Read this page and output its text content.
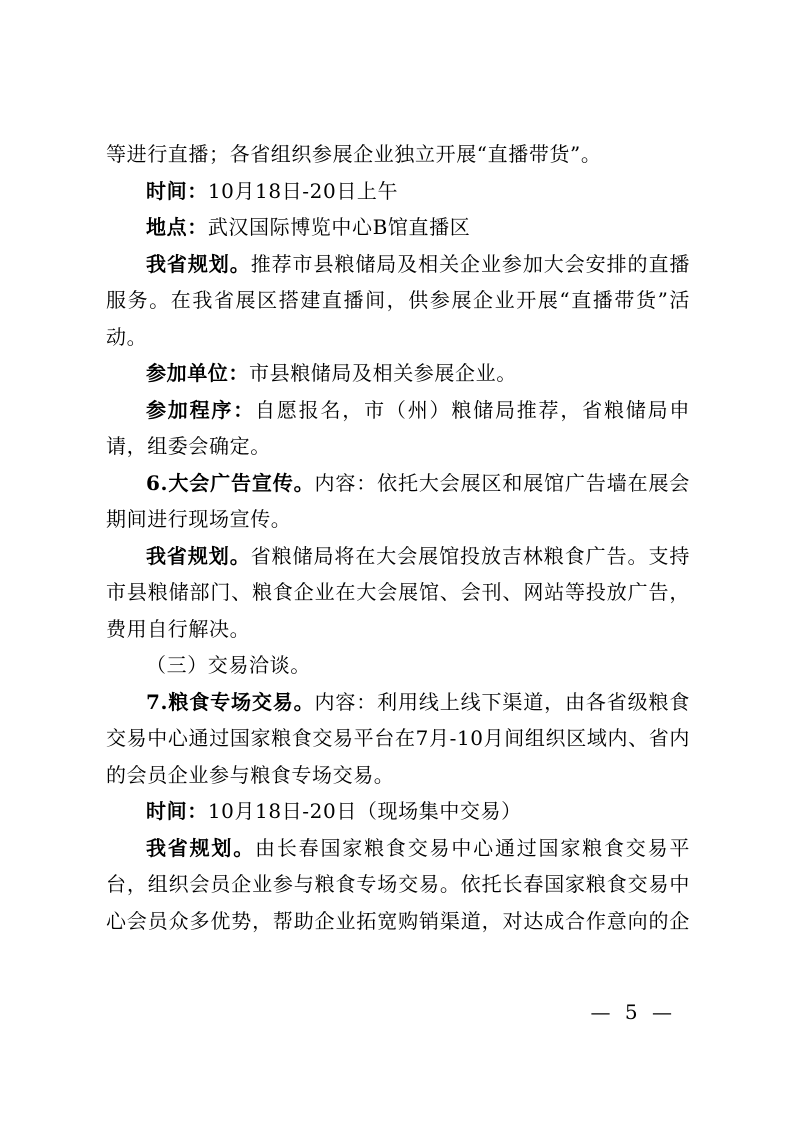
等进行直播；各省组织参展企业独立开展“直播带货”。

时间：10月18日-20日上午

地点：武汉国际博览中心B馆直播区

我省规划。推荐市县粮储局及相关企业参加大会安排的直播服务。在我省展区搭建直播间，供参展企业开展“直播带货”活动。

参加单位：市县粮储局及相关参展企业。

参加程序：自愿报名，市（州）粮储局推荐，省粮储局申请，组委会确定。

6.大会广告宣传。内容：依托大会展区和展馆广告墙在展会期间进行现场宣传。

我省规划。省粮储局将在大会展馆投放吉林粮食广告。支持市县粮储部门、粮食企业在大会展馆、会刊、网站等投放广告，费用自行解决。

（三）交易洽谈。

7.粮食专场交易。内容：利用线上线下渠道，由各省级粮食交易中心通过国家粮食交易平台在7月-10月间组织区域内、省内的会员企业参与粮食专场交易。

时间：10月18日-20日（现场集中交易）

我省规划。由长春国家粮食交易中心通过国家粮食交易平台，组织会员企业参与粮食专场交易。依托长春国家粮食交易中心会员众多优势，帮助企业拓宽购销渠道，对达成合作意向的企

— 5 —
